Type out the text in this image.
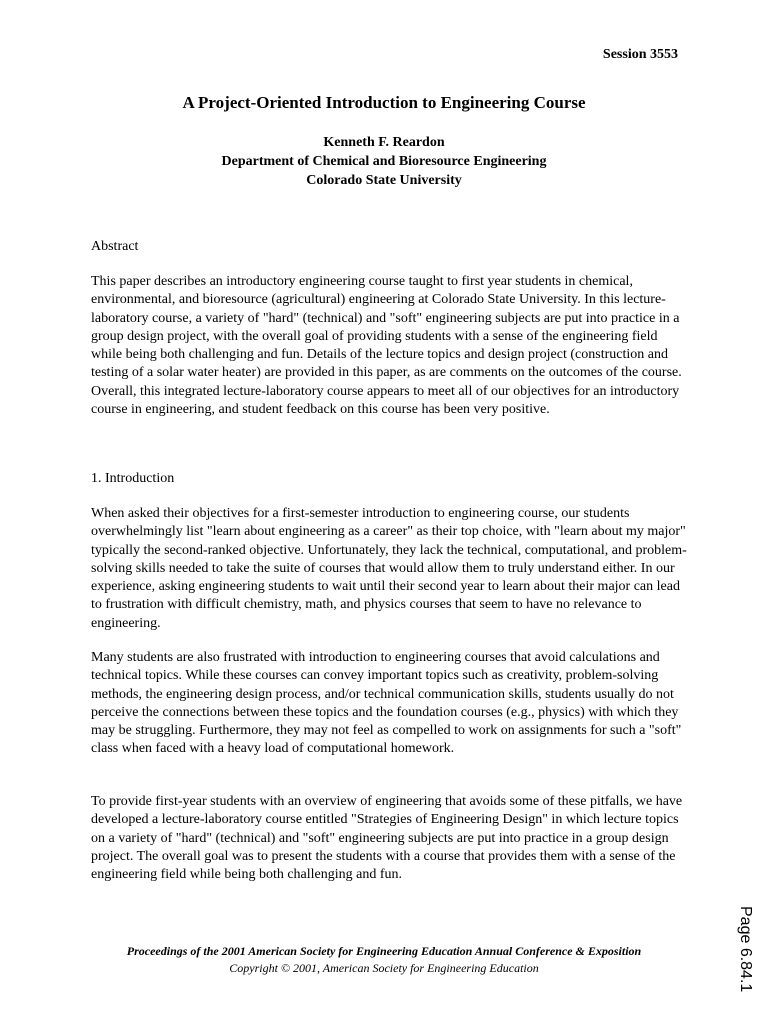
Session 3553
A Project-Oriented Introduction to Engineering Course
Kenneth F. Reardon
Department of Chemical and Bioresource Engineering
Colorado State University
Abstract
This paper describes an introductory engineering course taught to first year students in chemical, environmental, and bioresource (agricultural) engineering at Colorado State University. In this lecture-laboratory course, a variety of "hard" (technical) and "soft" engineering subjects are put into practice in a group design project, with the overall goal of providing students with a sense of the engineering field while being both challenging and fun. Details of the lecture topics and design project (construction and testing of a solar water heater) are provided in this paper, as are comments on the outcomes of the course. Overall, this integrated lecture-laboratory course appears to meet all of our objectives for an introductory course in engineering, and student feedback on this course has been very positive.
1. Introduction
When asked their objectives for a first-semester introduction to engineering course, our students overwhelmingly list "learn about engineering as a career" as their top choice, with "learn about my major" typically the second-ranked objective. Unfortunately, they lack the technical, computational, and problem-solving skills needed to take the suite of courses that would allow them to truly understand either. In our experience, asking engineering students to wait until their second year to learn about their major can lead to frustration with difficult chemistry, math, and physics courses that seem to have no relevance to engineering.
Many students are also frustrated with introduction to engineering courses that avoid calculations and technical topics. While these courses can convey important topics such as creativity, problem-solving methods, the engineering design process, and/or technical communication skills, students usually do not perceive the connections between these topics and the foundation courses (e.g., physics) with which they may be struggling. Furthermore, they may not feel as compelled to work on assignments for such a "soft" class when faced with a heavy load of computational homework.
To provide first-year students with an overview of engineering that avoids some of these pitfalls, we have developed a lecture-laboratory course entitled "Strategies of Engineering Design" in which lecture topics on a variety of "hard" (technical) and "soft" engineering subjects are put into practice in a group design project. The overall goal was to present the students with a course that provides them with a sense of the engineering field while being both challenging and fun.
Proceedings of the 2001 American Society for Engineering Education Annual Conference & Exposition
Copyright © 2001, American Society for Engineering Education	Page 6.84.1
